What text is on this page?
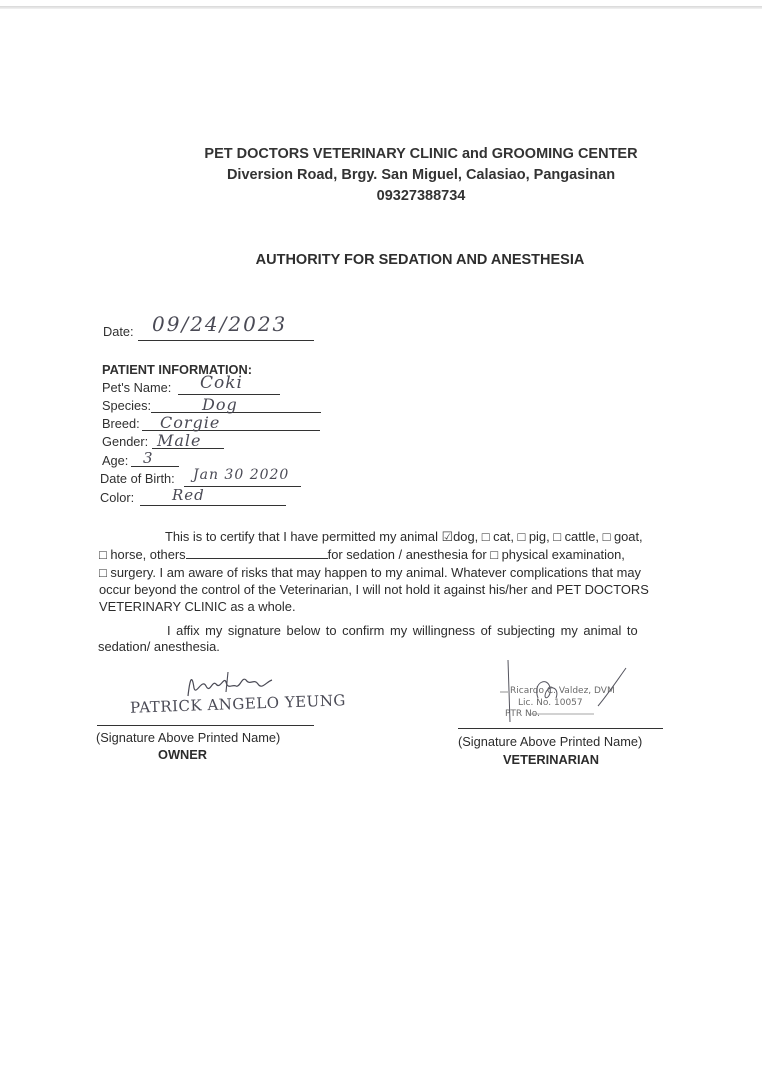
PET DOCTORS VETERINARY CLINIC and GROOMING CENTER
Diversion Road, Brgy. San Miguel, Calasiao, Pangasinan
09327388734
AUTHORITY FOR SEDATION AND ANESTHESIA
Date: 09/24/2023
PATIENT INFORMATION:
Pet's Name: Coki
Species:	Dog
Breed: Corgie
Gender: Male
Age: 3
Date of Birth: Jan 30 2020
Color:	Red
This is to certify that I have permitted my animal ☑dog, □ cat, □ pig, □ cattle, □ goat,
□ horse, others	for sedation / anesthesia for □ physical examination,
□ surgery. I am aware of risks that may happen to my animal. Whatever complications that may
occur beyond the control of the Veterinarian, I will not hold it against his/her and PET DOCTORS
VETERINARY CLINIC as a whole.
I affix my signature below to confirm my willingness of subjecting my animal to
sedation/ anesthesia.
PATRICK ANGELO YEUNG
(Signature Above Printed Name)
OWNER
Ricardo C. Valdez, DVM
Lic. No. 10057
PTR No.
(Signature Above Printed Name)
VETERINARIAN
